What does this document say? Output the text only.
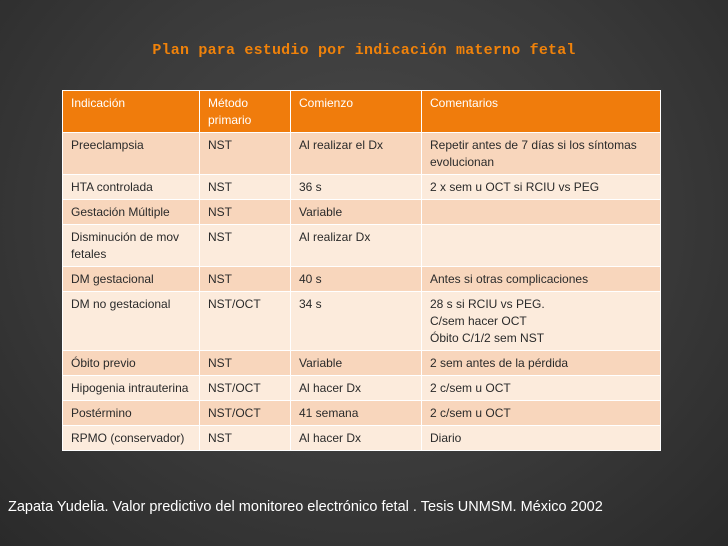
Plan para estudio por indicación materno fetal
Indicación	Método primario	Comienzo	Comentarios
Preeclampsia	NST	Al realizar el Dx	Repetir antes de 7 días si los síntomas evolucionan

HTA controlada	NST	36 s	2 x sem u OCT si RCIU vs PEG

Gestación Múltiple	NST	Variable	

Disminución de mov fetales	NST	Al realizar Dx	

DM gestacional	NST	40 s	Antes si otras complicaciones

DM no gestacional	NST/OCT	34 s	28 s si RCIU vs PEG.
C/sem hacer OCT
Óbito C/1/2 sem NST

Óbito previo	NST	Variable	2 sem antes de la pérdida

Hipogenia intrauterina	NST/OCT	Al hacer Dx	2 c/sem u OCT

Postérmino	NST/OCT	41 semana	2 c/sem u OCT

RPMO (conservador)	NST	Al hacer Dx	Diario
Zapata Yudelia. Valor predictivo del monitoreo electrónico fetal . Tesis UNMSM. México 2002
